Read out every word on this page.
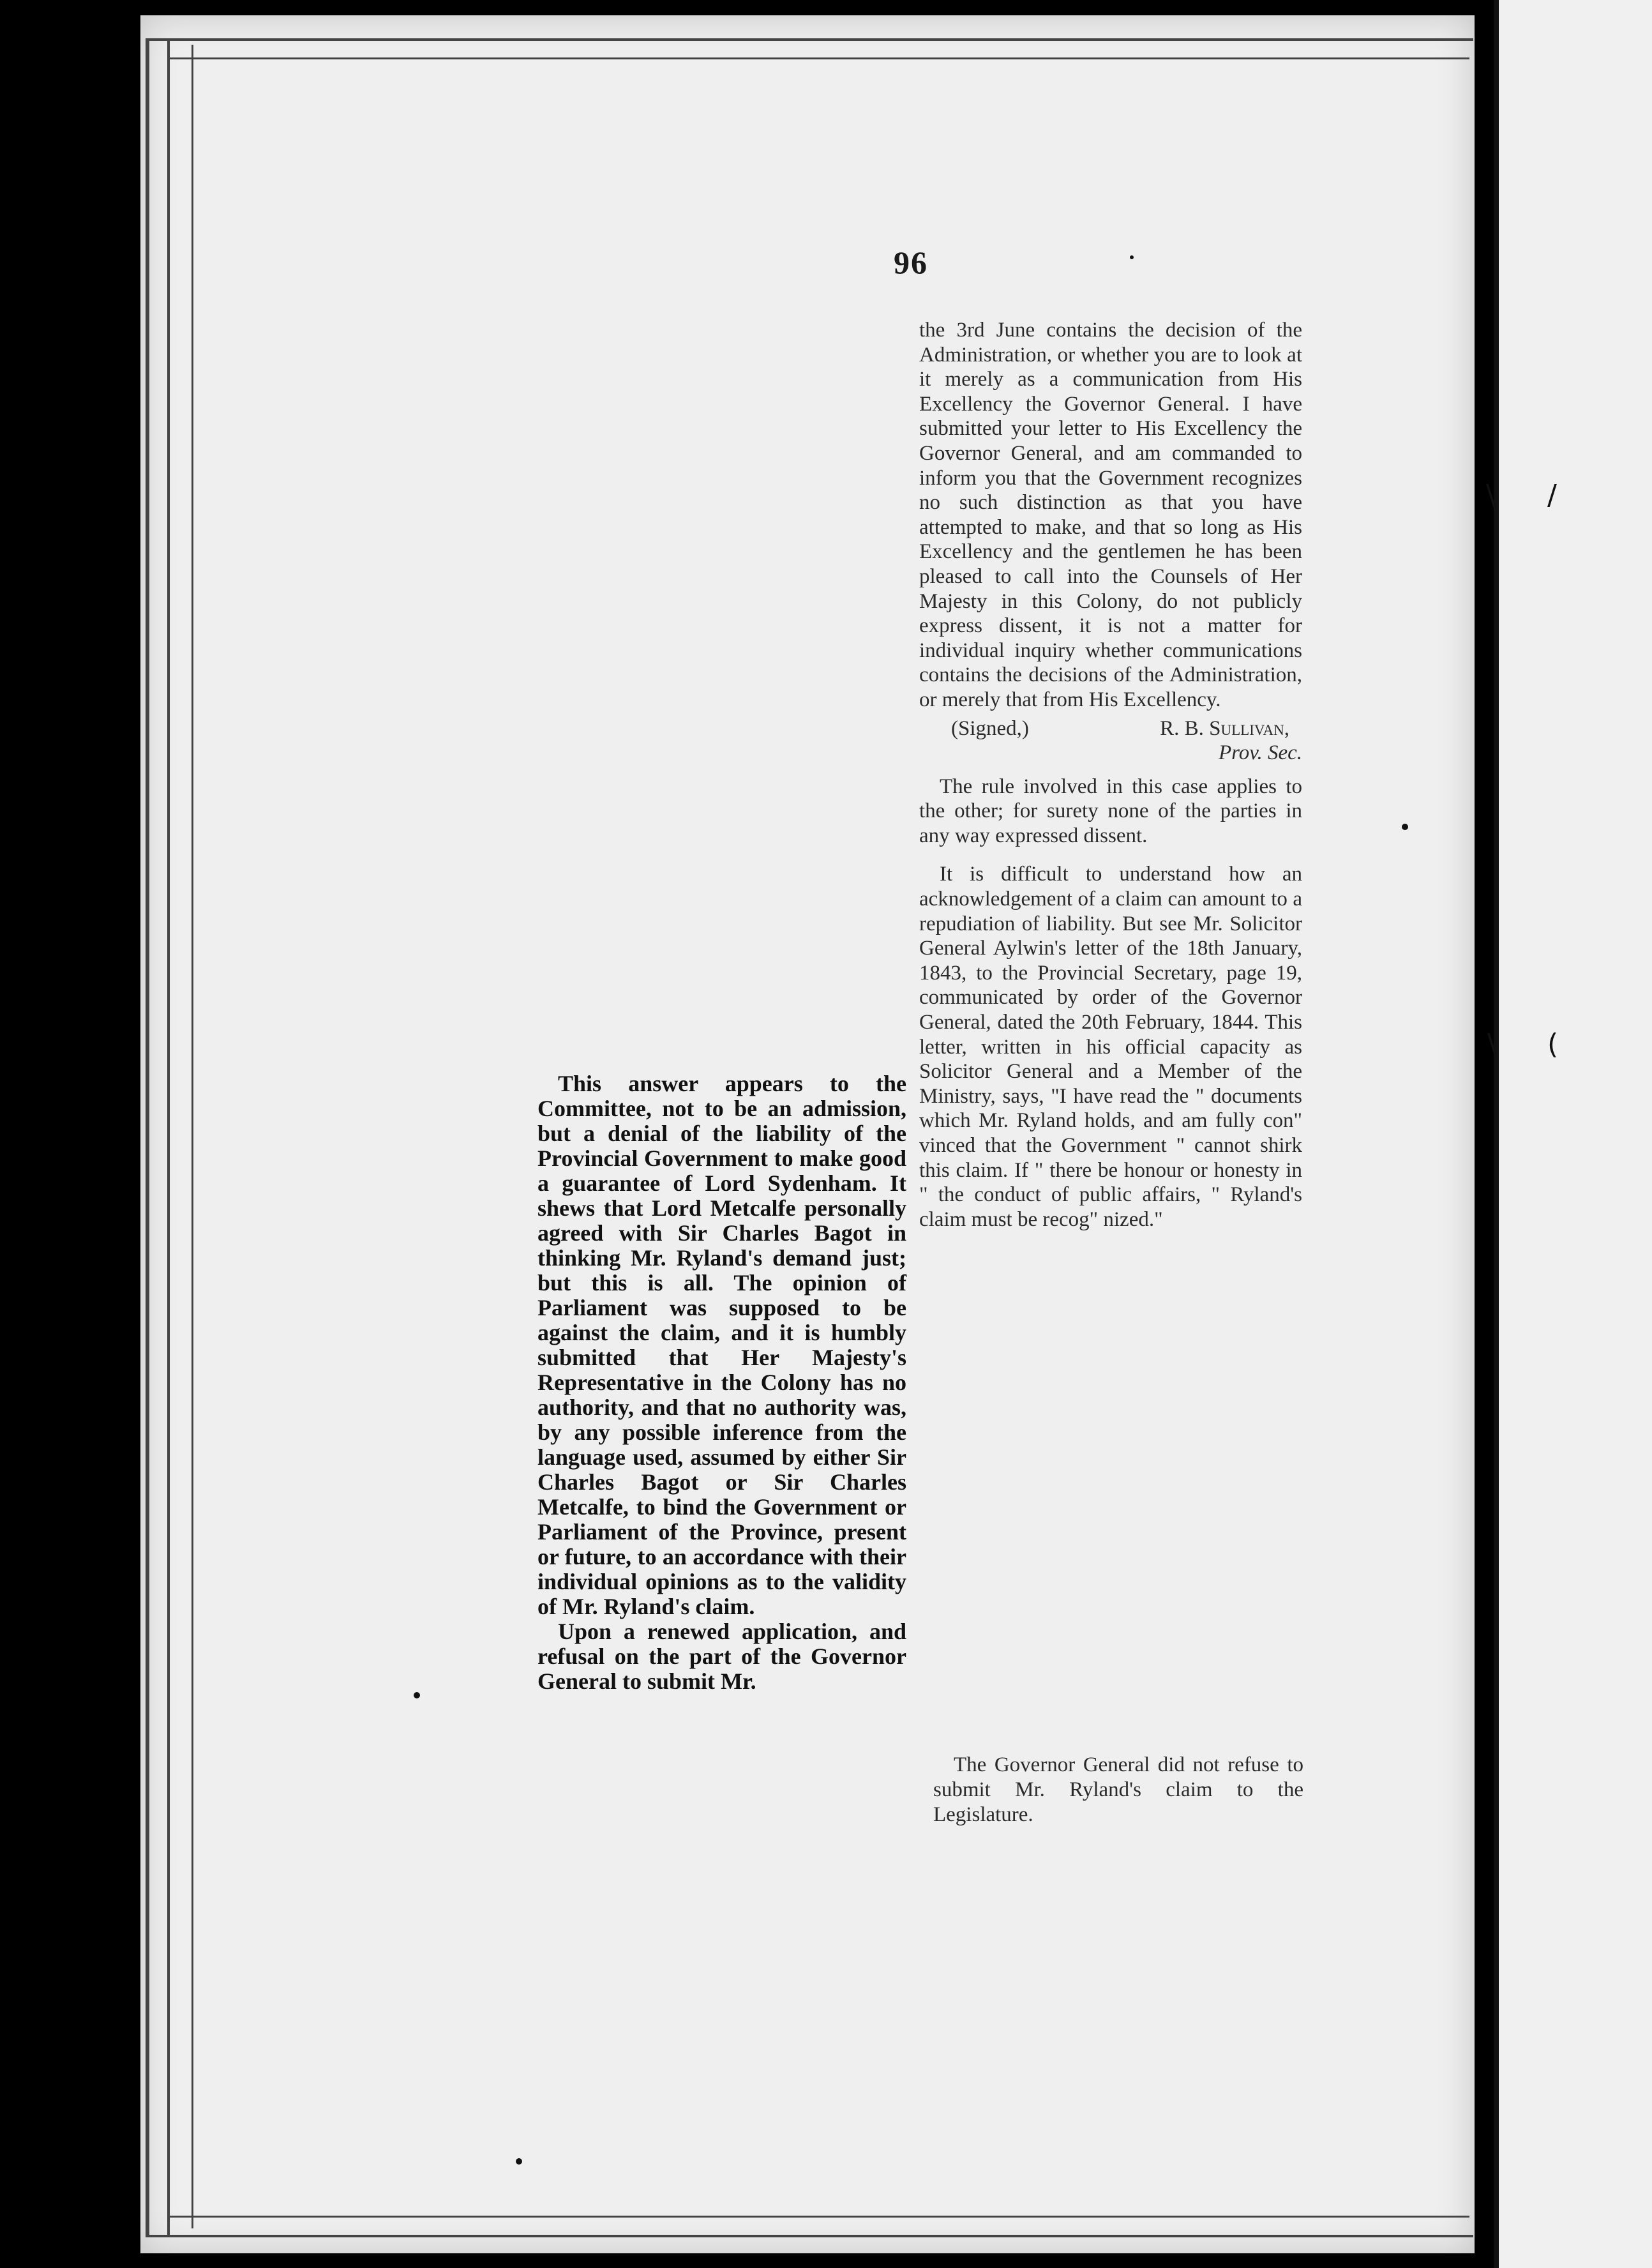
96

the 3rd June contains the decision of the Administration, or whether you are to look at it merely as a communication from His Excellency the Governor General. I have submitted your letter to His Excellency the Governor General, and am commanded to inform you that the Government recognizes no such distinction as that you have attempted to make, and that so long as His Excellency and the gentlemen he has been pleased to call into the Counsels of Her Majesty in this Colony, do not publicly express dissent, it is not a matter for individual inquiry whether communications contains the decisions of the Administration, or merely that from His Excellency.

(Signed,)	R. B. Sullivan,
Prov. Sec.

The rule involved in this case applies to the other; for surety none of the parties in any way expressed dissent.

It is difficult to understand how an acknowledgement of a claim can amount to a repudiation of liability. But see Mr. Solicitor General Aylwin's letter of the 18th January, 1843, to the Provincial Secretary, page 19, communicated by order of the Governor General, dated the 20th February, 1844. This letter, written in his official capacity as Solicitor General and a Member of the Ministry, says, "I have read the " documents which Mr. Ryland holds, and am fully con" vinced that the Government " cannot shirk this claim. If " there be honour or honesty in " the conduct of public affairs, " Ryland's claim must be recog" nized."

This answer appears to the Committee, not to be an admission, but a denial of the liability of the Provincial Government to make good a guarantee of Lord Sydenham. It shews that Lord Metcalfe personally agreed with Sir Charles Bagot in thinking Mr. Ryland's demand just; but this is all. The opinion of Parliament was supposed to be against the claim, and it is humbly submitted that Her Majesty's Representative in the Colony has no authority, and that no authority was, by any possible inference from the language used, assumed by either Sir Charles Bagot or Sir Charles Metcalfe, to bind the Government or Parliament of the Province, present or future, to an accordance with their individual opinions as to the validity of Mr. Ryland's claim.

Upon a renewed application, and refusal on the part of the Governor General to submit Mr.

The Governor General did not refuse to submit Mr. Ryland's claim to the Legislature.
\ /
\ (
